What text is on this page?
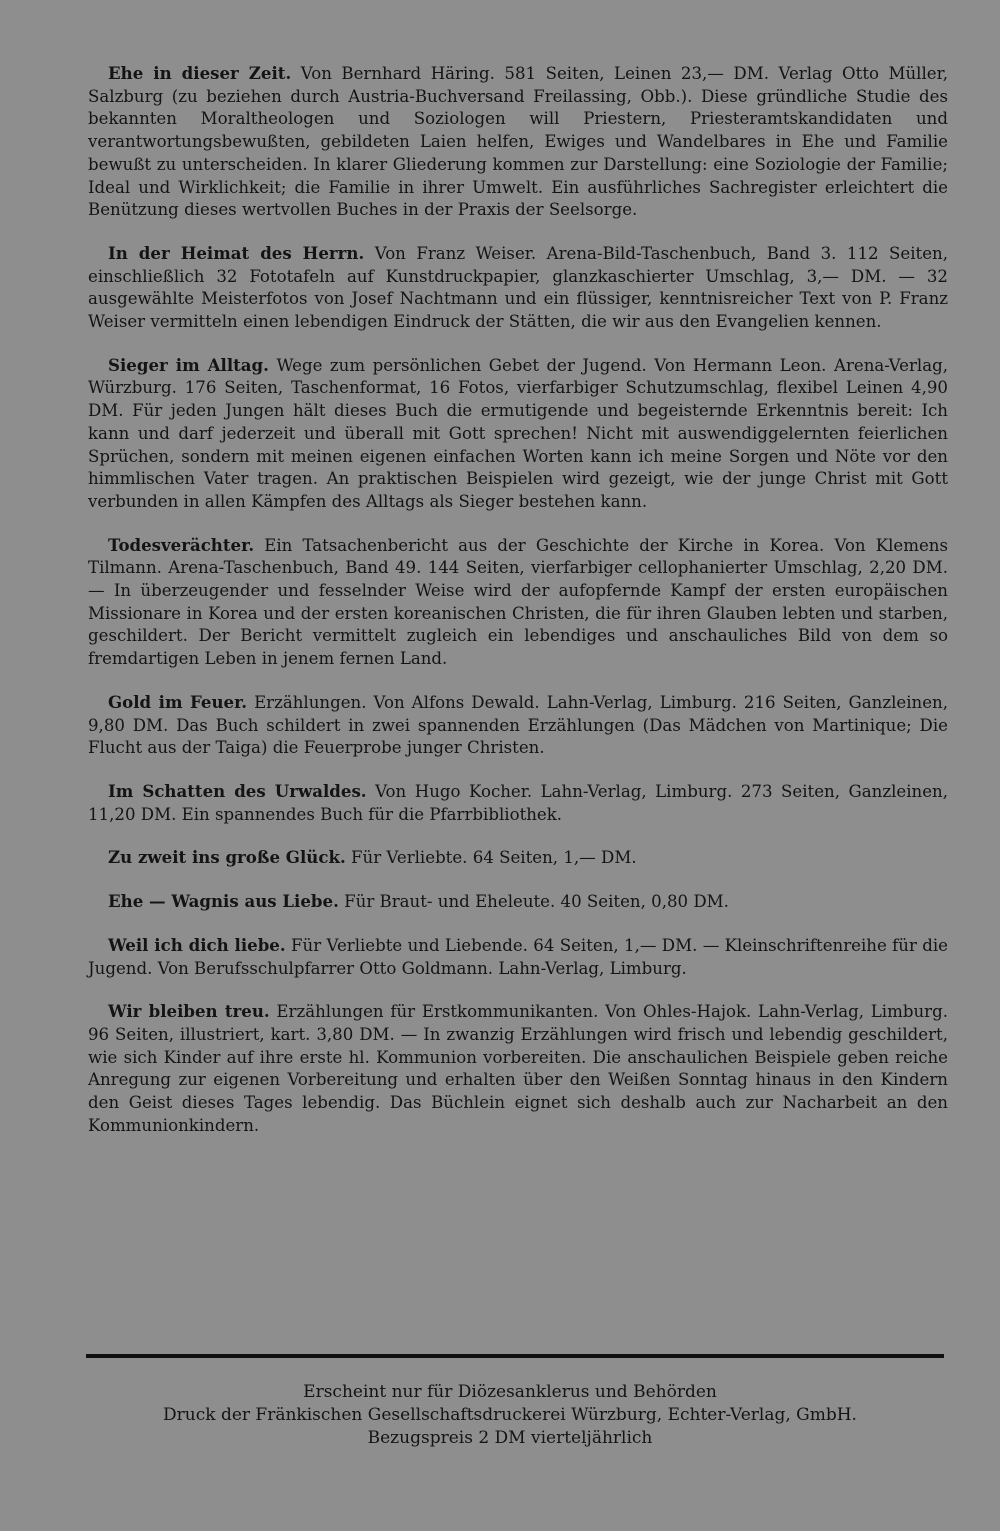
Ehe in dieser Zeit. Von Bernhard Häring. 581 Seiten, Leinen 23,— DM. Verlag Otto Müller, Salzburg (zu beziehen durch Austria-Buchversand Freilassing, Obb.). Diese gründliche Studie des bekannten Moraltheologen und Soziologen will Priestern, Priesteramtskandidaten und verantwortungsbewußten, gebildeten Laien helfen, Ewiges und Wandelbares in Ehe und Familie bewußt zu unterscheiden. In klarer Gliederung kommen zur Darstellung: eine Soziologie der Familie; Ideal und Wirklichkeit; die Familie in ihrer Umwelt. Ein ausführliches Sachregister erleichtert die Benützung dieses wertvollen Buches in der Praxis der Seelsorge.

In der Heimat des Herrn. Von Franz Weiser. Arena-Bild-Taschenbuch, Band 3. 112 Seiten, einschließlich 32 Fototafeln auf Kunstdruckpapier, glanzkaschierter Umschlag, 3,— DM. — 32 ausgewählte Meisterfotos von Josef Nachtmann und ein flüssiger, kenntnisreicher Text von P. Franz Weiser vermitteln einen lebendigen Eindruck der Stätten, die wir aus den Evangelien kennen.

Sieger im Alltag. Wege zum persönlichen Gebet der Jugend. Von Hermann Leon. Arena-Verlag, Würzburg. 176 Seiten, Taschenformat, 16 Fotos, vierfarbiger Schutzumschlag, flexibel Leinen 4,90 DM. Für jeden Jungen hält dieses Buch die ermutigende und begeisternde Erkenntnis bereit: Ich kann und darf jederzeit und überall mit Gott sprechen! Nicht mit auswendiggelernten feierlichen Sprüchen, sondern mit meinen eigenen einfachen Worten kann ich meine Sorgen und Nöte vor den himmlischen Vater tragen. An praktischen Beispielen wird gezeigt, wie der junge Christ mit Gott verbunden in allen Kämpfen des Alltags als Sieger bestehen kann.

Todesverächter. Ein Tatsachenbericht aus der Geschichte der Kirche in Korea. Von Klemens Tilmann. Arena-Taschenbuch, Band 49. 144 Seiten, vierfarbiger cellophanierter Umschlag, 2,20 DM. — In überzeugender und fesselnder Weise wird der aufopfernde Kampf der ersten europäischen Missionare in Korea und der ersten koreanischen Christen, die für ihren Glauben lebten und starben, geschildert. Der Bericht vermittelt zugleich ein lebendiges und anschauliches Bild von dem so fremdartigen Leben in jenem fernen Land.

Gold im Feuer. Erzählungen. Von Alfons Dewald. Lahn-Verlag, Limburg. 216 Seiten, Ganzleinen, 9,80 DM. Das Buch schildert in zwei spannenden Erzählungen (Das Mädchen von Martinique; Die Flucht aus der Taiga) die Feuerprobe junger Christen.

Im Schatten des Urwaldes. Von Hugo Kocher. Lahn-Verlag, Limburg. 273 Seiten, Ganzleinen, 11,20 DM. Ein spannendes Buch für die Pfarrbibliothek.

Zu zweit ins große Glück. Für Verliebte. 64 Seiten, 1,— DM.

Ehe — Wagnis aus Liebe. Für Braut- und Eheleute. 40 Seiten, 0,80 DM.

Weil ich dich liebe. Für Verliebte und Liebende. 64 Seiten, 1,— DM. — Kleinschriftenreihe für die Jugend. Von Berufsschulpfarrer Otto Goldmann. Lahn-Verlag, Limburg.

Wir bleiben treu. Erzählungen für Erstkommunikanten. Von Ohles-Hajok. Lahn-Verlag, Limburg. 96 Seiten, illustriert, kart. 3,80 DM. — In zwanzig Erzählungen wird frisch und lebendig geschildert, wie sich Kinder auf ihre erste hl. Kommunion vorbereiten. Die anschaulichen Beispiele geben reiche Anregung zur eigenen Vorbereitung und erhalten über den Weißen Sonntag hinaus in den Kindern den Geist dieses Tages lebendig. Das Büchlein eignet sich deshalb auch zur Nacharbeit an den Kommunionkindern.

Erscheint nur für Diözesanklerus und Behörden
Druck der Fränkischen Gesellschaftsdruckerei Würzburg, Echter-Verlag, GmbH.
Bezugspreis 2 DM vierteljährlich
